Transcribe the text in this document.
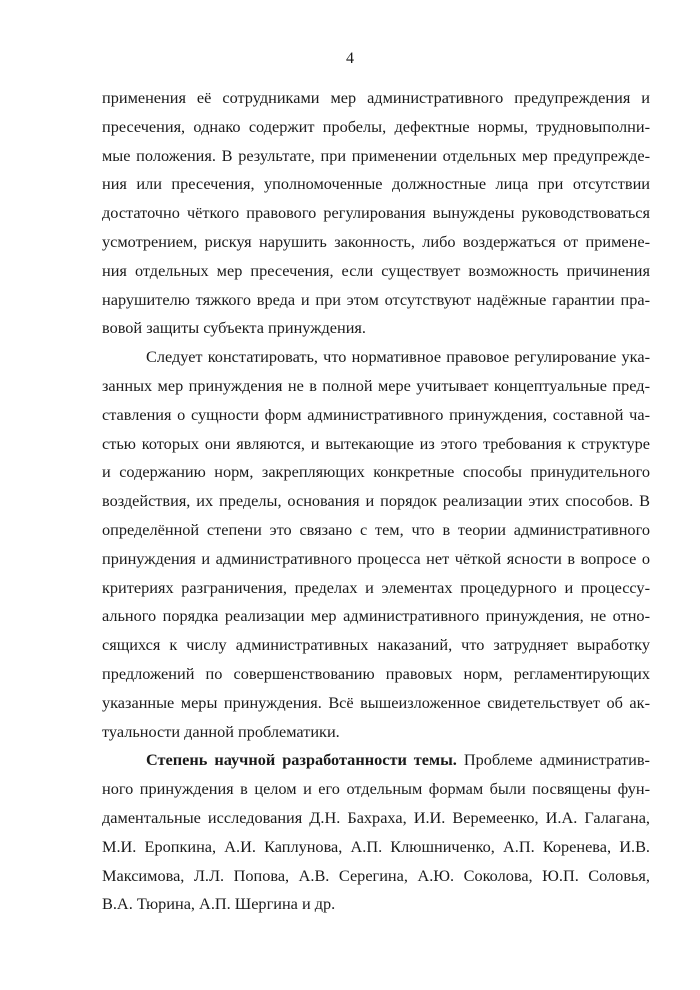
4
применения её сотрудниками мер административного предупреждения и
пресечения, однако содержит пробелы, дефектные нормы, трудновыполни-
мые положения. В результате, при применении отдельных мер предупрежде-
ния или пресечения, уполномоченные должностные лица при отсутствии
достаточно чёткого правового регулирования вынуждены руководствоваться
усмотрением, рискуя нарушить законность, либо воздержаться от примене-
ния отдельных мер пресечения, если существует возможность причинения
нарушителю тяжкого вреда и при этом отсутствуют надёжные гарантии пра-
вовой защиты субъекта принуждения.
Следует констатировать, что нормативное правовое регулирование ука-
занных мер принуждения не в полной мере учитывает концептуальные пред-
ставления о сущности форм административного принуждения, составной ча-
стью которых они являются, и вытекающие из этого требования к структуре
и содержанию норм, закрепляющих конкретные способы принудительного
воздействия, их пределы, основания и порядок реализации этих способов. В
определённой степени это связано с тем, что в теории административного
принуждения и административного процесса нет чёткой ясности в вопросе о
критериях разграничения, пределах и элементах процедурного и процессу-
ального порядка реализации мер административного принуждения, не отно-
сящихся к числу административных наказаний, что затрудняет выработку
предложений по совершенствованию правовых норм, регламентирующих
указанные меры принуждения. Всё вышеизложенное свидетельствует об ак-
туальности данной проблематики.
Степень научной разработанности темы. Проблеме административ-
ного принуждения в целом и его отдельным формам были посвящены фун-
даментальные исследования Д.Н. Бахраха, И.И. Веремеенко, И.А. Галагана,
М.И. Еропкина, А.И. Каплунова, А.П. Клюшниченко, А.П. Коренева, И.В.
Максимова, Л.Л. Попова, А.В. Серегина, А.Ю. Соколова, Ю.П. Соловья,
В.А. Тюрина, А.П. Шергина и др.
